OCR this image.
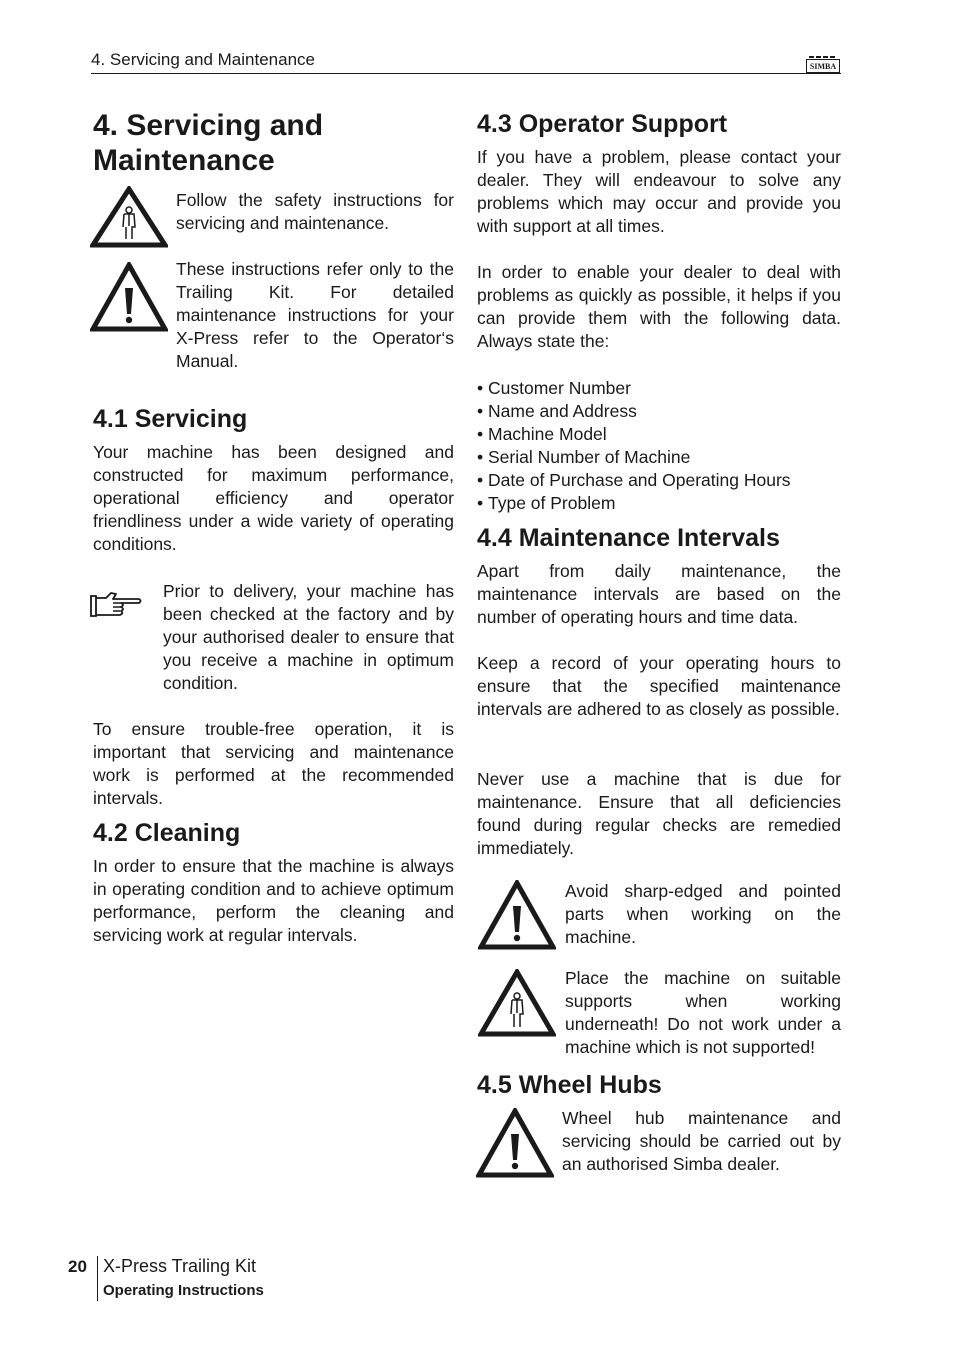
4. Servicing and Maintenance	SIMBA
4. Servicing and Maintenance

Follow the safety instructions for servicing and maintenance.

These instructions refer only to the Trailing Kit. For detailed maintenance instructions for your X-Press refer to the Operator‘s Manual.

4.1 Servicing

Your machine has been designed and constructed for maximum performance, operational efficiency and operator friendliness under a wide variety of operating conditions.

Prior to delivery, your machine has been checked at the factory and by your authorised dealer to ensure that you receive a machine in optimum condition.

To ensure trouble-free operation, it is important that servicing and maintenance work is performed at the recommended intervals.

4.2 Cleaning

In order to ensure that the machine is always in operating condition and to achieve optimum performance, perform the cleaning and servicing work at regular intervals.

4.3 Operator Support

If you have a problem, please contact your dealer. They will endeavour to solve any problems which may occur and provide you with support at all times.

In order to enable your dealer to deal with problems as quickly as possible, it helps if you can provide them with the following data. Always state the:

• Customer Number
• Name and Address
• Machine Model
• Serial Number of Machine
• Date of Purchase and Operating Hours
• Type of Problem
4.4 Maintenance Intervals

Apart from daily maintenance, the maintenance intervals are based on the number of operating hours and time data.

Keep a record of your operating hours to ensure that the specified maintenance intervals are adhered to as closely as possible.

Never use a machine that is due for maintenance. Ensure that all deficiencies found during regular checks are remedied immediately.

Avoid sharp-edged and pointed parts when working on the machine.

Place the machine on suitable supports when working underneath! Do not work under a machine which is not supported!

4.5 Wheel Hubs

Wheel hub maintenance and servicing should be carried out by an authorised Simba dealer.

20 X-Press Trailing Kit
Operating Instructions
